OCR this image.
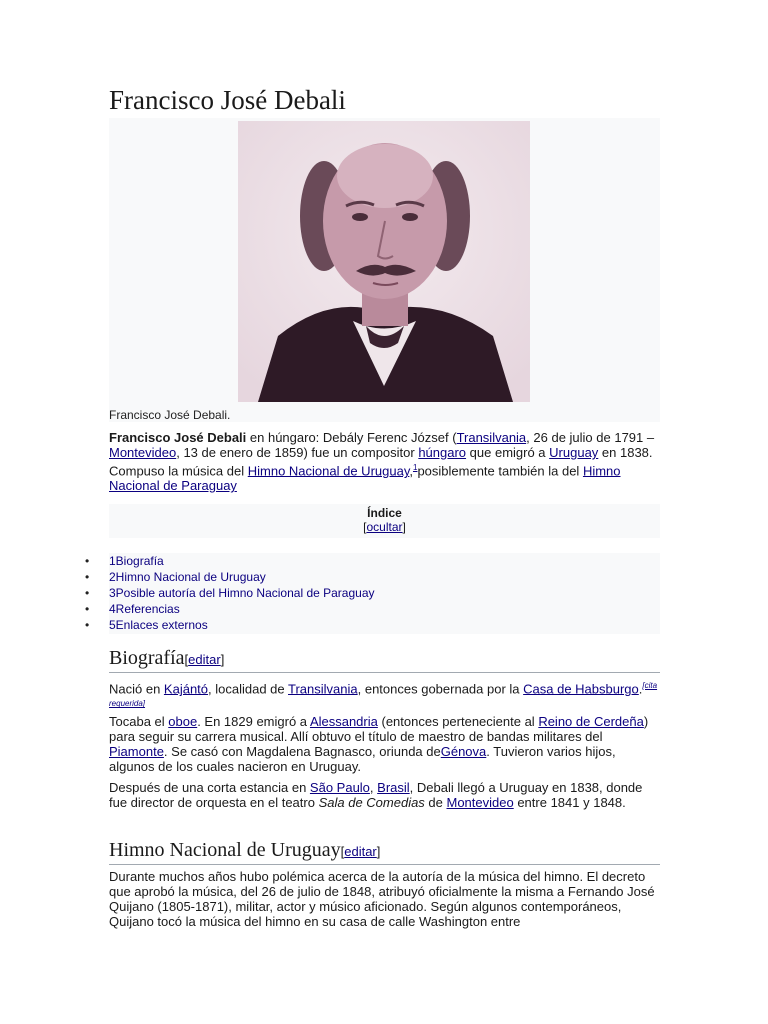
Francisco José Debali
Francisco José Debali.

Francisco José Debali en húngaro: Debály Ferenc József (Transilvania, 26 de julio de 1791 – Montevideo, 13 de enero de 1859) fue un compositor húngaro que emigró a Uruguay en 1838. Compuso la música del Himno Nacional de Uruguay,$^1$posiblemente también la del Himno Nacional de Paraguay

Índice
[ocultar]
• 1Biografía
• 2Himno Nacional de Uruguay
• 3Posible autoría del Himno Nacional de Paraguay
• 4Referencias
• 5Enlaces externos
Biografía[editar]

Nació en Kajántó, localidad de Transilvania, entonces gobernada por la Casa de Habsburgo.[cita requerida]

Tocaba el oboe. En 1829 emigró a Alessandria (entonces perteneciente al Reino de Cerdeña) para seguir su carrera musical. Allí obtuvo el título de maestro de bandas militares del Piamonte. Se casó con Magdalena Bagnasco, oriunda deGénova. Tuvieron varios hijos, algunos de los cuales nacieron en Uruguay.

Después de una corta estancia en São Paulo, Brasil, Debali llegó a Uruguay en 1838, donde fue director de orquesta en el teatro Sala de Comedias de Montevideo entre 1841 y 1848.

Himno Nacional de Uruguay[editar]

Durante muchos años hubo polémica acerca de la autoría de la música del himno. El decreto que aprobó la música, del 26 de julio de 1848, atribuyó oficialmente la misma a Fernando José Quijano (1805-1871), militar, actor y músico aficionado. Según algunos contemporáneos, Quijano tocó la música del himno en su casa de calle Washington entre
